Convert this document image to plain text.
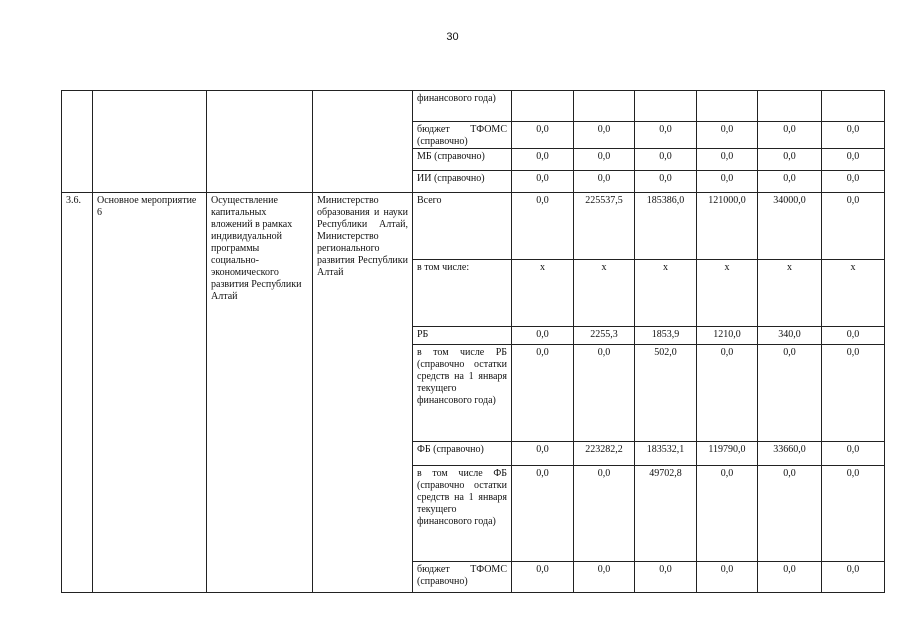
30
				финансового года)						
				бюджет ТФОМС (справочно)	0,0	0,0	0,0	0,0	0,0	0,0
				МБ (справочно)	0,0	0,0	0,0	0,0	0,0	0,0
				ИИ (справочно)	0,0	0,0	0,0	0,0	0,0	0,0
3.6.	Основное мероприятие 6	Осуществление капитальных вложений в рамках индивидуальной программы социально-экономического развития Республики Алтай	Министерство образования и науки Республики Алтай, Министерство регионального развития Республики Алтай	Всего	0,0	225537,5	185386,0	121000,0	34000,0	0,0
				в том числе:	х	х	х	х	х	х
				РБ	0,0	2255,3	1853,9	1210,0	340,0	0,0
				в том числе РБ (справочно остатки средств на 1 января текущего финансового года)	0,0	0,0	502,0	0,0	0,0	0,0
				ФБ (справочно)	0,0	223282,2	183532,1	119790,0	33660,0	0,0
				в том числе ФБ (справочно остатки средств на 1 января текущего финансового года)	0,0	0,0	49702,8	0,0	0,0	0,0
				бюджет ТФОМС (справочно)	0,0	0,0	0,0	0,0	0,0	0,0
